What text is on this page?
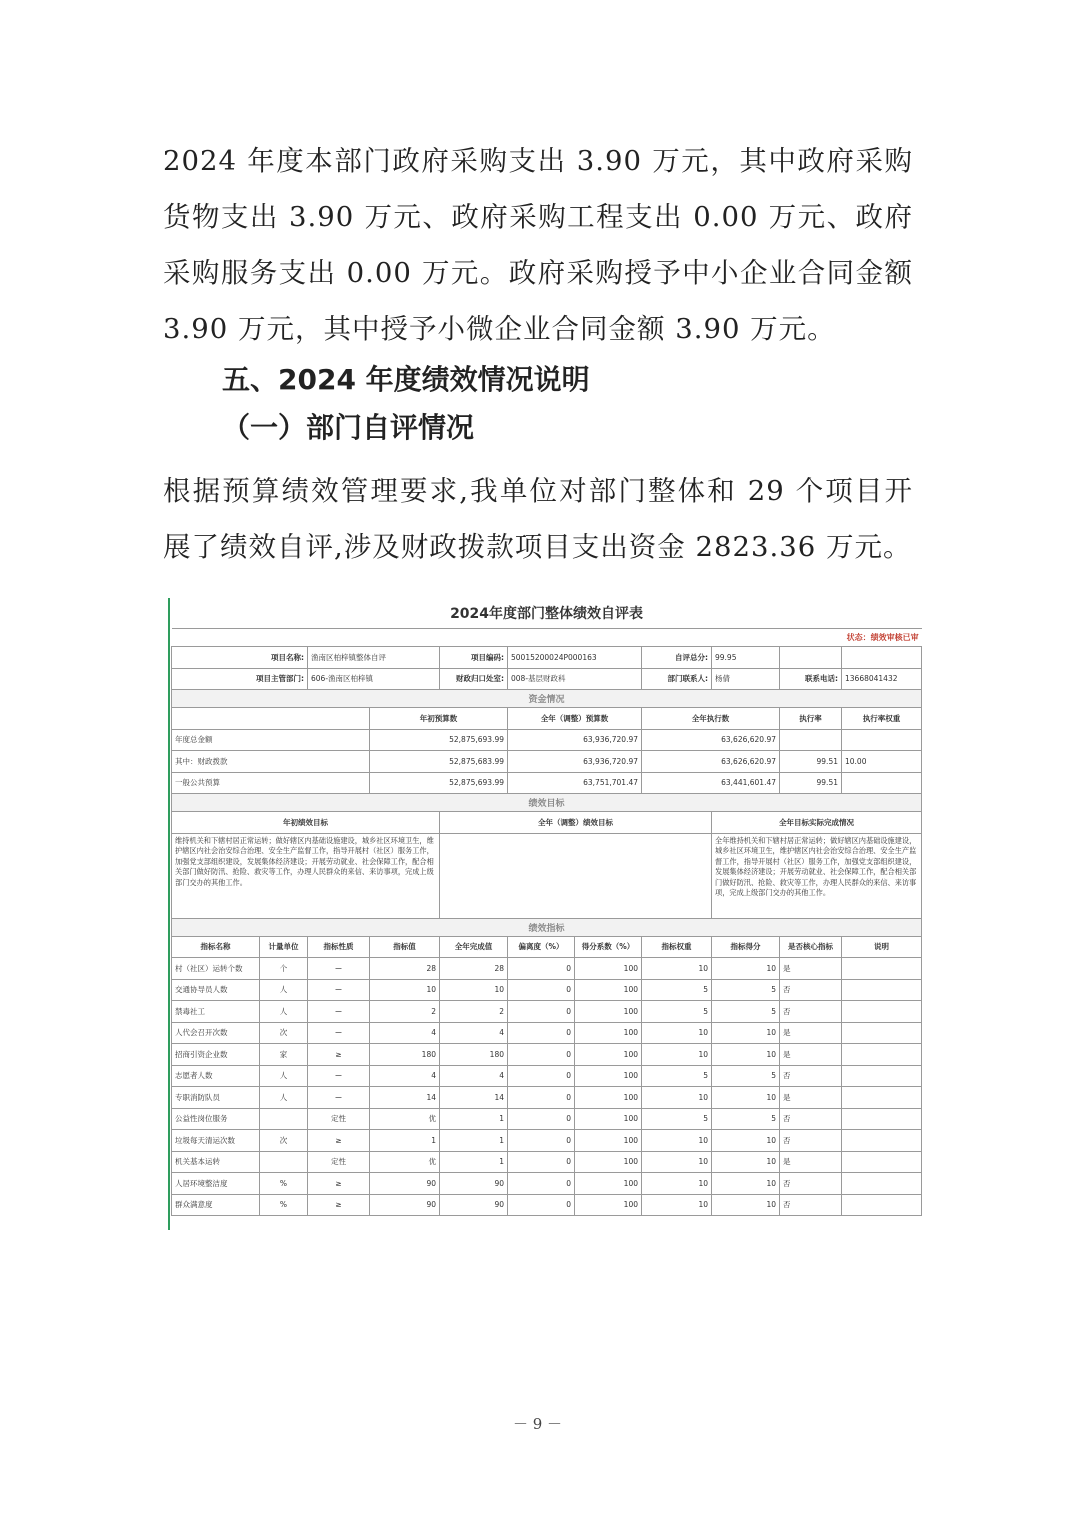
2024 年度本部门政府采购支出 3.90 万元，其中政府采购货物支出 3.90 万元、政府采购工程支出 0.00 万元、政府采购服务支出 0.00 万元。政府采购授予中小企业合同金额 3.90 万元，其中授予小微企业合同金额 3.90 万元。

五、2024 年度绩效情况说明

（一）部门自评情况

根据预算绩效管理要求,我单位对部门整体和 29 个项目开展了绩效自评,涉及财政拨款项目支出资金 2823.36 万元。

2024年度部门整体绩效自评表											
状态：绩效审核已审											
项目名称:		渔南区柏梓镇整体自评		项目编码:	50015200024P000163		自评总分:	99.95			
项目主管部门:		606-渔南区柏梓镇		财政归口处室:	008-基层财政科		部门联系人:	杨倩	联系电话:	13668041432	
资金情况											
			年初预算数		全年（调整）预算数		全年执行数		执行率	执行率权重	
年度总金额			52,875,693.99		63,936,720.97		63,626,620.97				
其中：财政拨款			52,875,683.99		63,936,720.97		63,626,620.97		99.51	10.00	
一般公共预算			52,875,693.99		63,751,701.47		63,441,601.47		99.51		
绩效目标											
年初绩效目标				全年（调整）绩效目标				全年目标实际完成情况			
维持机关和下辖村居正常运转；做好辖区内基础设施建设，城乡社区环境卫生，维护辖区内社会治安综合治理、安全生产监督工作，指导开展村（社区）服务工作，加强党支部组织建设，发展集体经济建设；开展劳动就业、社会保障工作，配合相关部门做好防汛、抢险、救灾等工作，办理人民群众的来信、来访事项，完成上级部门交办的其他工作。								全年维持机关和下辖村居正常运转；做好辖区内基础设施建设，城乡社区环境卫生，维护辖区内社会治安综合治理、安全生产监督工作，指导开展村（社区）服务工作，加强党支部组织建设，发展集体经济建设；开展劳动就业、社会保障工作，配合相关部门做好防汛、抢险、救灾等工作，办理人民群众的来信、来访事项，完成上级部门交办的其他工作。			
绩效指标											
指标名称	计量单位	指标性质	指标值	全年完成值	偏离度（%）	得分系数（%）	指标权重	指标得分	是否核心指标	说明	
村（社区）运转个数	个	－	28	28	0	100	10	10	是		
交通协导员人数	人	－	10	10	0	100	5	5	否		
禁毒社工	人	－	2	2	0	100	5	5	否		
人代会召开次数	次	－	4	4	0	100	10	10	是		
招商引资企业数	家	≥	180	180	0	100	10	10	是		
志愿者人数	人	－	4	4	0	100	5	5	否		
专职消防队员	人	－	14	14	0	100	10	10	是		
公益性岗位服务		定性	优	1	0	100	5	5	否		
垃圾每天清运次数	次	≥	1	1	0	100	10	10	否		
机关基本运转		定性	优	1	0	100	10	10	是		
人居环境整洁度	%	≥	90	90	0	100	10	10	否		
群众满意度	%	≥	90	90	0	100	10	10	否		

－ 9 －
